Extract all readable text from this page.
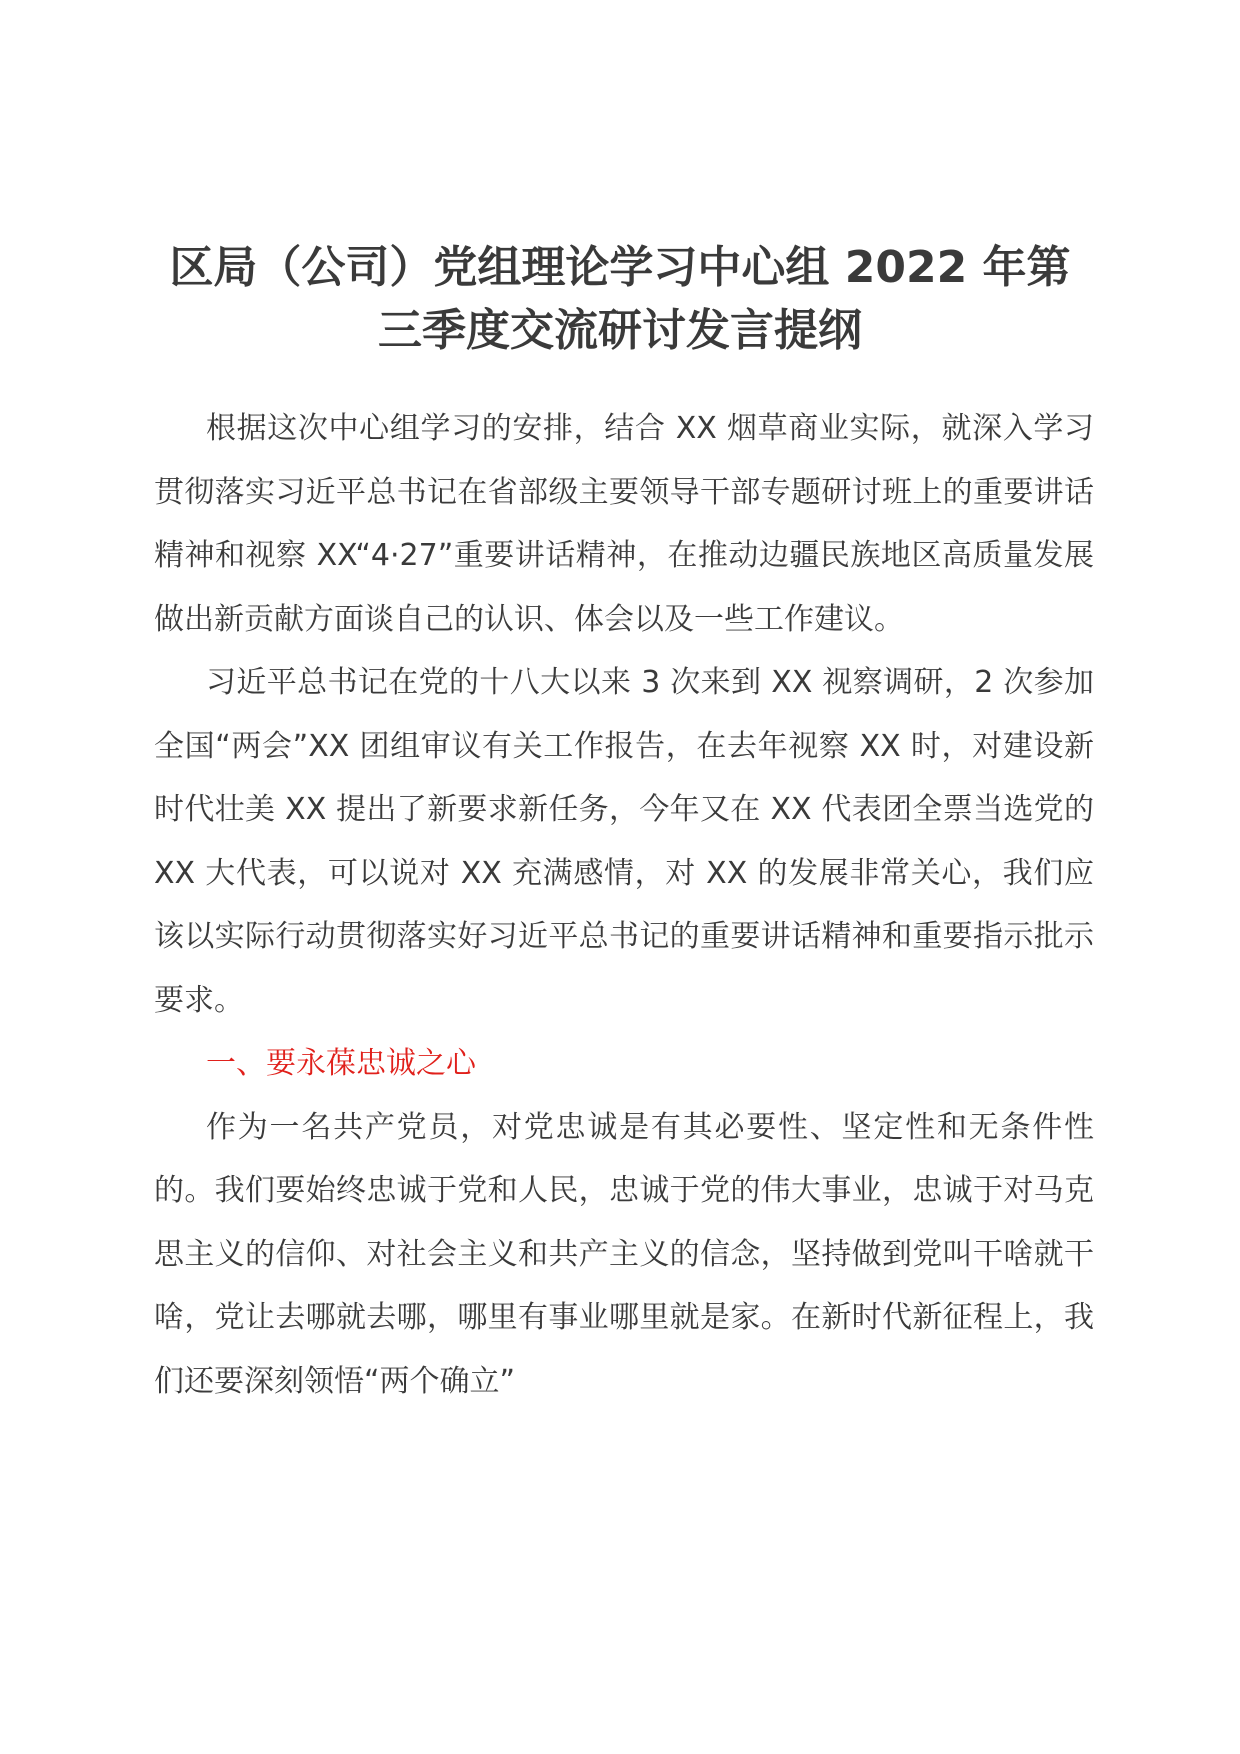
区局（公司）党组理论学习中心组 2022 年第
三季度交流研讨发言提纲

根据这次中心组学习的安排，结合 XX 烟草商业实际，就深入学习贯彻落实习近平总书记在省部级主要领导干部专题研讨班上的重要讲话精神和视察 XX“4·27”重要讲话精神，在推动边疆民族地区高质量发展做出新贡献方面谈自己的认识、体会以及一些工作建议。

习近平总书记在党的十八大以来 3 次来到 XX 视察调研，2 次参加全国“两会”XX 团组审议有关工作报告，在去年视察 XX 时，对建设新时代壮美 XX 提出了新要求新任务，今年又在 XX 代表团全票当选党的 XX 大代表，可以说对 XX 充满感情，对 XX 的发展非常关心，我们应该以实际行动贯彻落实好习近平总书记的重要讲话精神和重要指示批示要求。

一、要永葆忠诚之心

作为一名共产党员，对党忠诚是有其必要性、坚定性和无条件性的。我们要始终忠诚于党和人民，忠诚于党的伟大事业，忠诚于对马克思主义的信仰、对社会主义和共产主义的信念，坚持做到党叫干啥就干啥，党让去哪就去哪，哪里有事业哪里就是家。在新时代新征程上，我们还要深刻领悟“两个确立”
